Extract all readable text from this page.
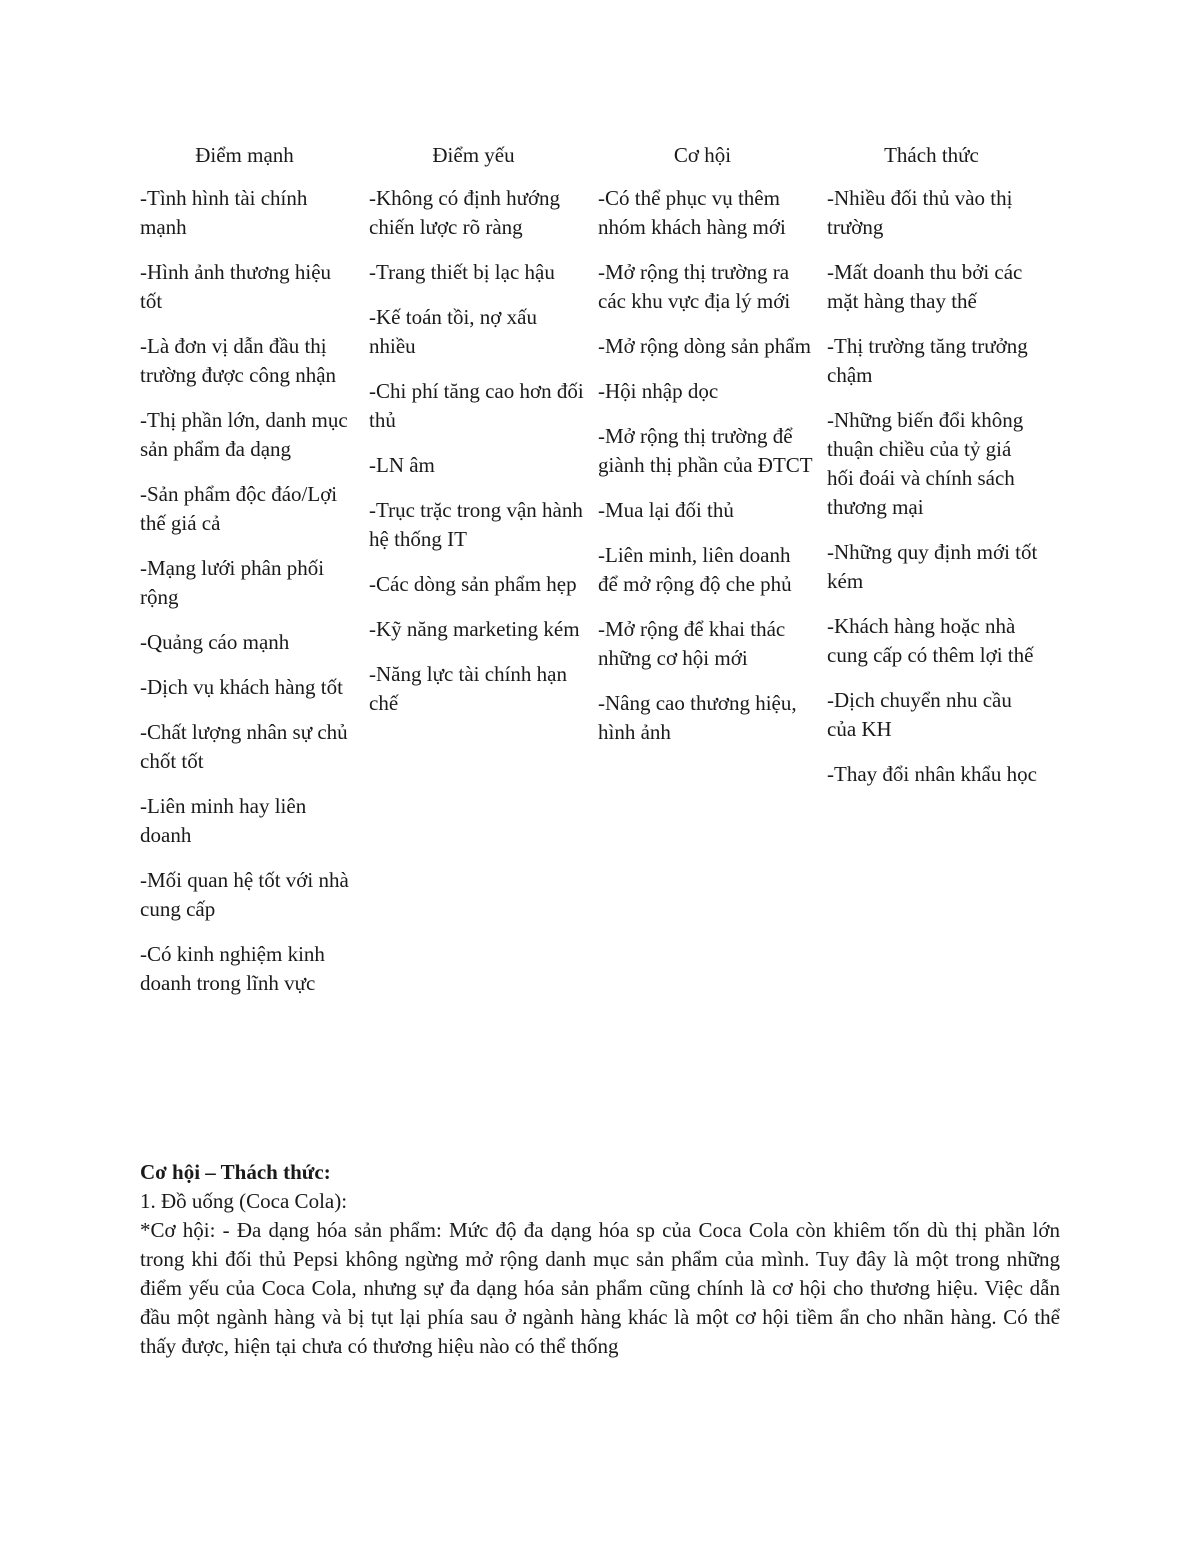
Điểm mạnh
-Tình hình tài chính mạnh
-Hình ảnh thương hiệu tốt
-Là đơn vị dẫn đầu thị trường được công nhận
-Thị phần lớn, danh mục sản phẩm đa dạng
-Sản phẩm độc đáo/Lợi thế giá cả
-Mạng lưới phân phối rộng
-Quảng cáo mạnh
-Dịch vụ khách hàng tốt
-Chất lượng nhân sự chủ chốt tốt
-Liên minh hay liên doanh
-Mối quan hệ tốt với nhà cung cấp
-Có kinh nghiệm kinh doanh trong lĩnh vực
Điểm yếu
-Không có định hướng chiến lược rõ ràng
-Trang thiết bị lạc hậu
-Kế toán tồi, nợ xấu nhiều
-Chi phí tăng cao hơn đối thủ
-LN âm
-Trục trặc trong vận hành hệ thống IT
-Các dòng sản phẩm hẹp
-Kỹ năng marketing kém
-Năng lực tài chính hạn chế
Cơ hội
-Có thể phục vụ thêm nhóm khách hàng mới
-Mở rộng thị trường ra các khu vực địa lý mới
-Mở rộng dòng sản phẩm
-Hội nhập dọc
-Mở rộng thị trường để giành thị phần của ĐTCT
-Mua lại đối thủ
-Liên minh, liên doanh để mở rộng độ che phủ
-Mở rộng để khai thác những cơ hội mới
-Nâng cao thương hiệu, hình ảnh
Thách thức
-Nhiều đối thủ vào thị trường
-Mất doanh thu bởi các mặt hàng thay thế
-Thị trường tăng trưởng chậm
-Những biến đổi không thuận chiều của tỷ giá hối đoái và chính sách thương mại
-Những quy định mới tốt kém
-Khách hàng hoặc nhà cung cấp có thêm lợi thế
-Dịch chuyển nhu cầu của KH
-Thay đổi nhân khẩu học

Cơ hội – Thách thức:

1. Đồ uống (Coca Cola):

*Cơ hội: - Đa dạng hóa sản phẩm: Mức độ đa dạng hóa sp của Coca Cola còn khiêm tốn dù thị phần lớn trong khi đối thủ Pepsi không ngừng mở rộng danh mục sản phẩm của mình. Tuy đây là một trong những điểm yếu của Coca Cola, nhưng sự đa dạng hóa sản phẩm cũng chính là cơ hội cho thương hiệu. Việc dẫn đầu một ngành hàng và bị tụt lại phía sau ở ngành hàng khác là một cơ hội tiềm ẩn cho nhãn hàng. Có thể thấy được, hiện tại chưa có thương hiệu nào có thể thống
